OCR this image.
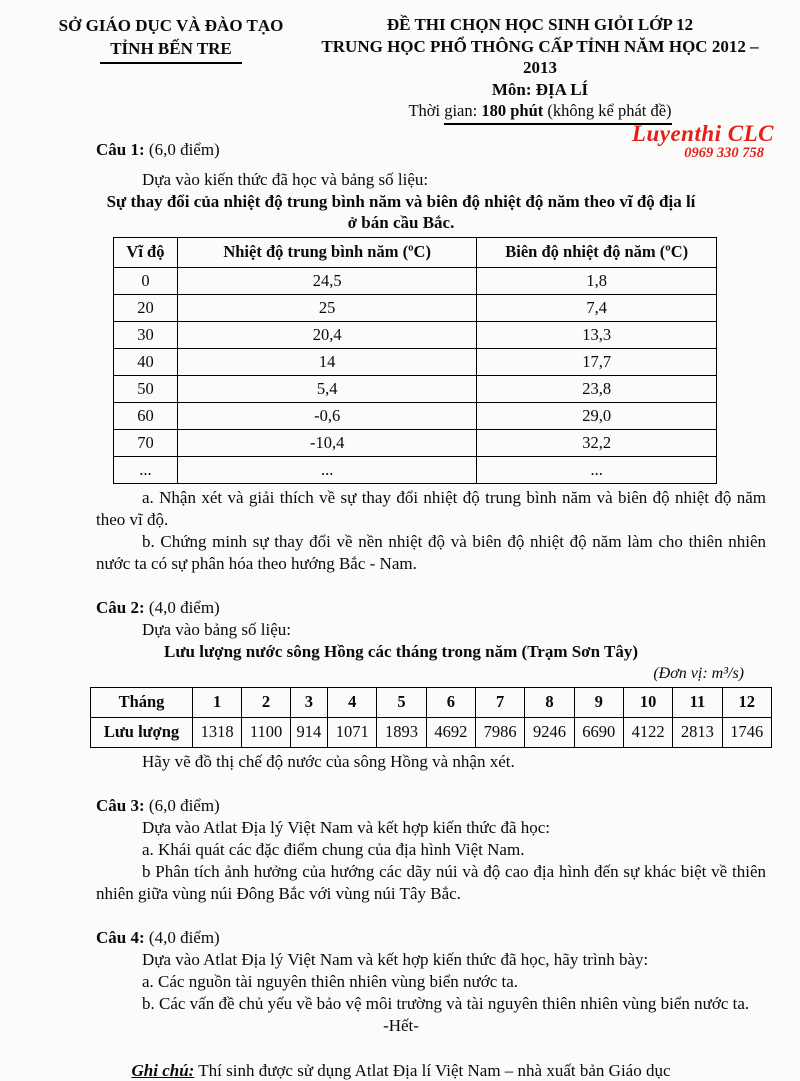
SỞ GIÁO DỤC VÀ ĐÀO TẠO
TỈNH BẾN TRE
ĐỀ THI CHỌN HỌC SINH GIỎI LỚP 12
TRUNG HỌC PHỔ THÔNG CẤP TỈNH NĂM HỌC 2012 – 2013
Môn: ĐỊA LÍ
Thời gian: 180 phút (không kể phát đề)
Luyenthi CLC
0969 330 758
Câu 1: (6,0 điểm)

Dựa vào kiến thức đã học và bảng số liệu:

Sự thay đổi của nhiệt độ trung bình năm và biên độ nhiệt độ năm theo vĩ độ địa lí
ở bán cầu Bắc.
Vĩ độ	Nhiệt độ trung bình năm (ºC)	Biên độ nhiệt độ năm (ºC)
0	24,5	1,8
20	25	7,4
30	20,4	13,3
40	14	17,7
50	5,4	23,8
60	-0,6	29,0
70	-10,4	32,2
...	...	...

a. Nhận xét và giải thích về sự thay đổi nhiệt độ trung bình năm và biên độ nhiệt độ năm theo vĩ độ.

b. Chứng minh sự thay đổi về nền nhiệt độ và biên độ nhiệt độ năm làm cho thiên nhiên nước ta có sự phân hóa theo hướng Bắc - Nam.

Câu 2: (4,0 điểm)

Dựa vào bảng số liệu:

Lưu lượng nước sông Hồng các tháng trong năm (Trạm Sơn Tây)
(Đơn vị: m³/s)
Tháng	1	2	3	4	5	6	7	8	9	10	11	12
Lưu lượng	1318	1100	914	1071	1893	4692	7986	9246	6690	4122	2813	1746

Hãy vẽ đồ thị chế độ nước của sông Hồng và nhận xét.

Câu 3: (6,0 điểm)

Dựa vào Atlat Địa lý Việt Nam và kết hợp kiến thức đã học:

a. Khái quát các đặc điểm chung của địa hình Việt Nam.

b Phân tích ảnh hưởng của hướng các dãy núi và độ cao địa hình đến sự khác biệt về thiên nhiên giữa vùng núi Đông Bắc với vùng núi Tây Bắc.

Câu 4: (4,0 điểm)

Dựa vào Atlat Địa lý Việt Nam và kết hợp kiến thức đã học, hãy trình bày:

a. Các nguồn tài nguyên thiên nhiên vùng biển nước ta.

b. Các vấn đề chủ yếu về bảo vệ môi trường và tài nguyên thiên nhiên vùng biển nước ta.

-Hết-
Ghi chú: Thí sinh được sử dụng Atlat Địa lí Việt Nam – nhà xuất bản Giáo dục
